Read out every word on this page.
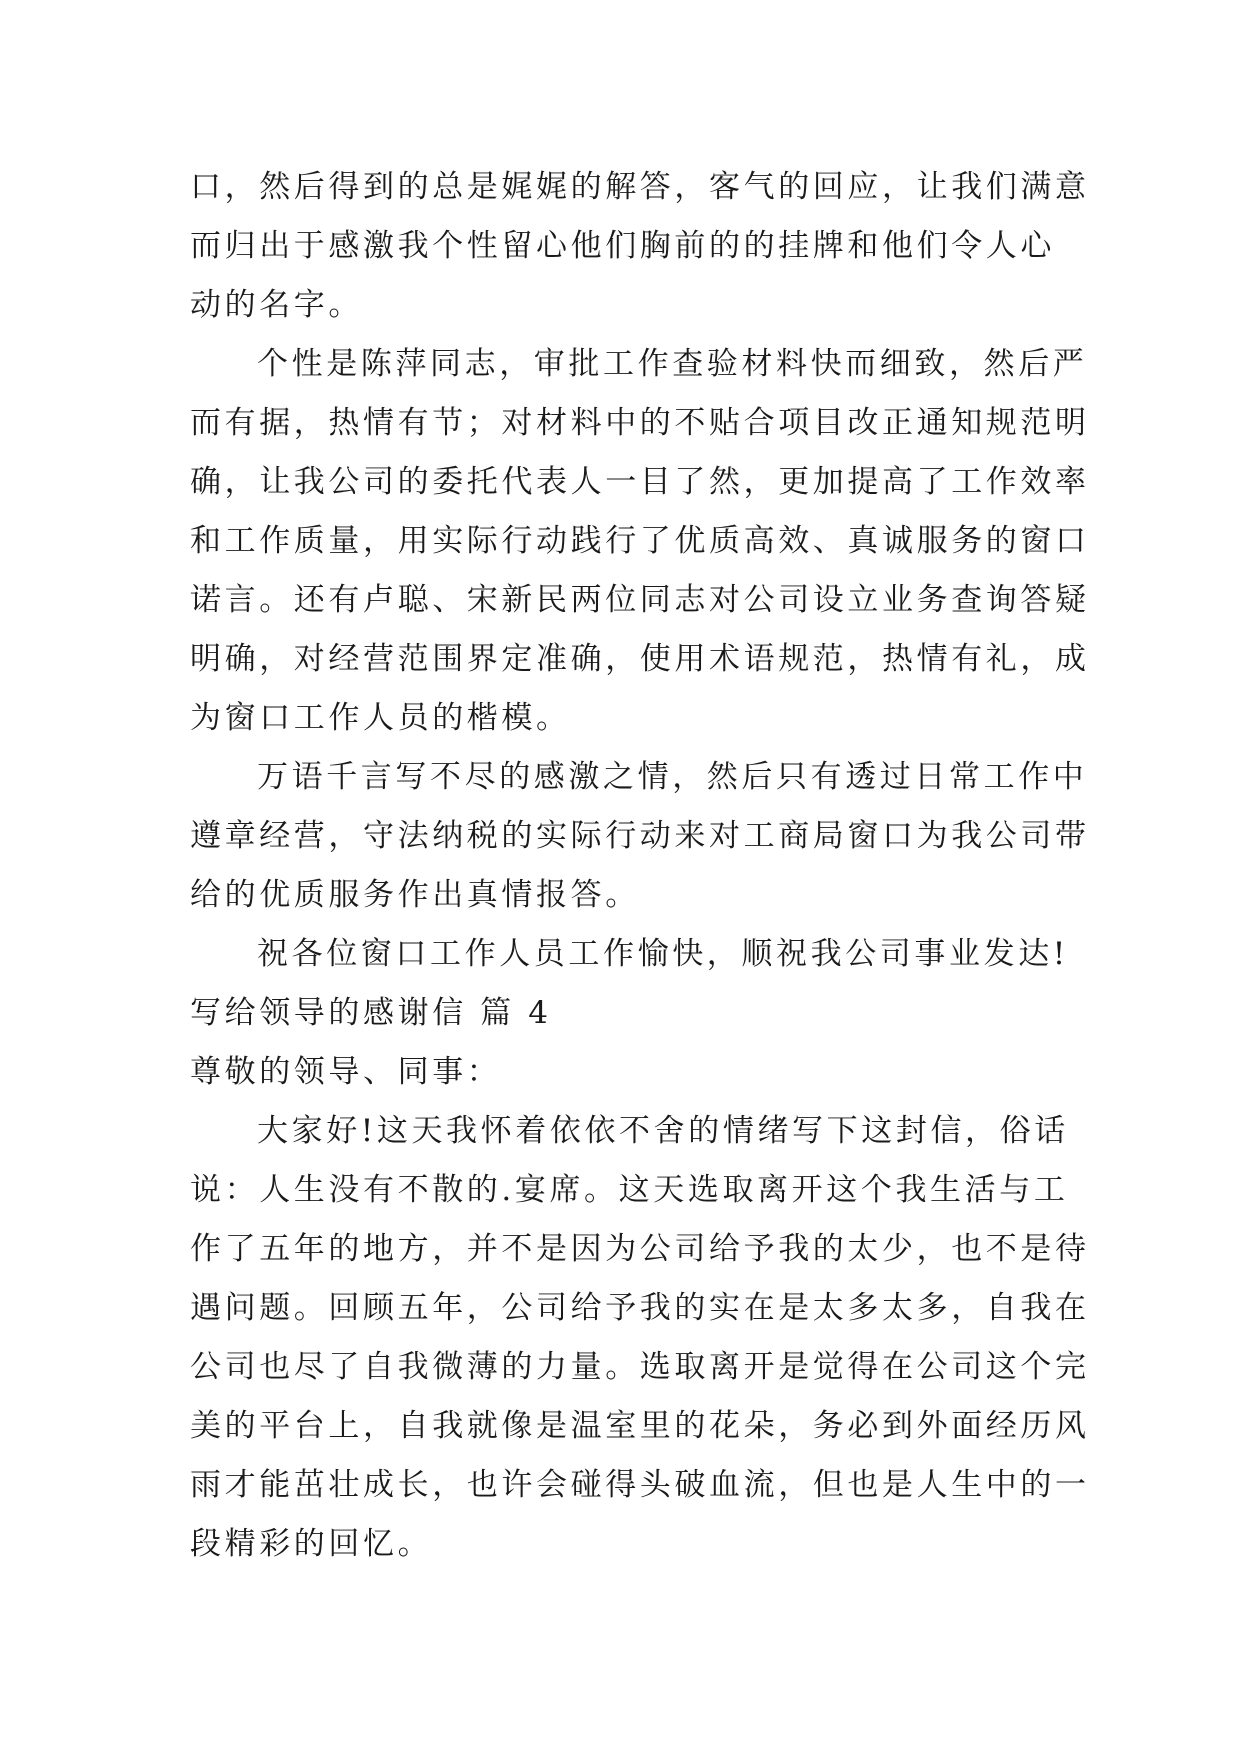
口，然后得到的总是娓娓的解答，客气的回应，让我们满意
而归出于感激我个性留心他们胸前的的挂牌和他们令人心
动的名字。
个性是陈萍同志，审批工作查验材料快而细致，然后严
而有据，热情有节；对材料中的不贴合项目改正通知规范明
确，让我公司的委托代表人一目了然，更加提高了工作效率
和工作质量，用实际行动践行了优质高效、真诚服务的窗口
诺言。还有卢聪、宋新民两位同志对公司设立业务查询答疑
明确，对经营范围界定准确，使用术语规范，热情有礼，成
为窗口工作人员的楷模。
万语千言写不尽的感激之情，然后只有透过日常工作中
遵章经营，守法纳税的实际行动来对工商局窗口为我公司带
给的优质服务作出真情报答。
祝各位窗口工作人员工作愉快，顺祝我公司事业发达!
写给领导的感谢信 篇 4
尊敬的领导、同事：
大家好!这天我怀着依依不舍的情绪写下这封信，俗话
说：人生没有不散的.宴席。这天选取离开这个我生活与工
作了五年的地方，并不是因为公司给予我的太少，也不是待
遇问题。回顾五年，公司给予我的实在是太多太多，自我在
公司也尽了自我微薄的力量。选取离开是觉得在公司这个完
美的平台上，自我就像是温室里的花朵，务必到外面经历风
雨才能茁壮成长，也许会碰得头破血流，但也是人生中的一
段精彩的回忆。
